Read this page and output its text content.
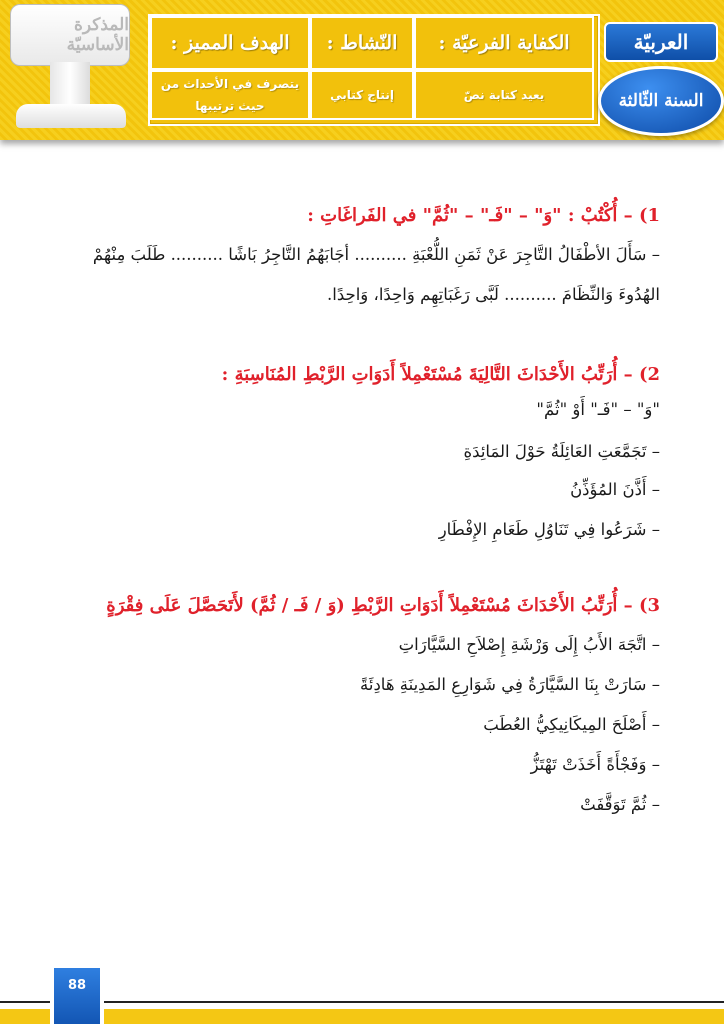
المذكرة الأساسيّة الهدف المميز :
يتصرف في الأحداث من حيث ترتيبها
النّشاط :
إنتاج كتابي
الكفاية الفرعيّة :
يعيد كتابة نصّ
العربيّة
السنة الثّالثة
1) – أُكْتُبْ : "وَ" – "فَـ" – "ثُمَّ" في الفَراغَاتِ :
– سَأَلَ الأطْفَالُ التَّاجِرَ عَنْ ثَمَنِ اللُّعْبَةِ .......... أجَابَهُمُ التَّاجِرُ بَاشًا .......... طَلَبَ مِنْهُمْ
الهُدُوءَ وَالنِّظَامَ .......... لَبَّى رَغَبَاتِهِم وَاحِدًا، وَاحِدًا.
2) – أُرَتِّبُ الأَحْدَاثَ التَّالِيَةَ مُسْتَعْمِلاً أَدَوَاتِ الرَّبْطِ المُنَاسِبَةِ :
"وَ" – "فَـ" أَوْ "ثُمَّ"
– تَجَمَّعَتِ العَائِلَةُ حَوْلَ المَائِدَةِ
– أَذَّنَ المُؤَذِّنُ
– شَرَعُوا فِي تَنَاوُلِ طَعَامِ الإِفْطَارِ
3) – أُرَتِّبُ الأَحْدَاثَ مُسْتَعْمِلاً أَدَوَاتِ الرَّبْطِ (وَ / فَـ / ثُمَّ) لأَتَحَصَّلَ عَلَى فِقْرَةٍ
– اتَّجَهَ الأَبُ إِلَى وَرْشَةِ إِصْلاَحِ السَّيَّارَاتِ
– سَارَتْ بِنَا السَّيَّارَةُ فِي شَوَارِعِ المَدِينَةِ هَادِئَةً
– أَصْلَحَ المِيكَانِيكِيُّ العُطَبَ
– وَفَجْأَةً أَخَذَتْ تَهْتَزُّ
– ثُمَّ تَوَقَّفَتْ
88
